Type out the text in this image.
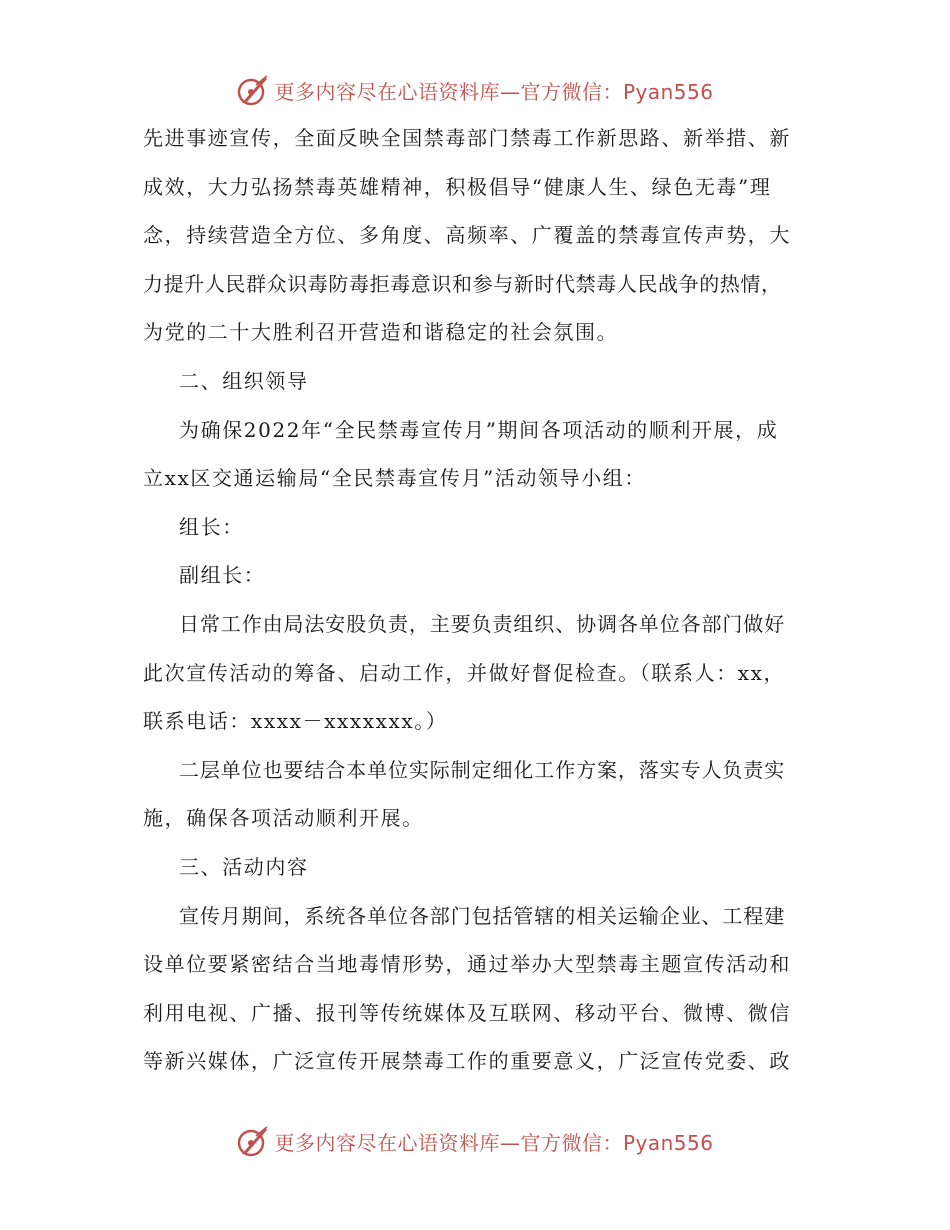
更多内容尽在心语资料库—官方微信：Pyan556

先进事迹宣传，全面反映全国禁毒部门禁毒工作新思路、新举措、新

成效，大力弘扬禁毒英雄精神，积极倡导“健康人生、绿色无毒”理

念，持续营造全方位、多角度、高频率、广覆盖的禁毒宣传声势，大

力提升人民群众识毒防毒拒毒意识和参与新时代禁毒人民战争的热情，

为党的二十大胜利召开营造和谐稳定的社会氛围。

二、组织领导

为确保2022年“全民禁毒宣传月”期间各项活动的顺利开展，成

立xx区交通运输局“全民禁毒宣传月”活动领导小组：

组长：

副组长：

日常工作由局法安股负责，主要负责组织、协调各单位各部门做好

此次宣传活动的筹备、启动工作，并做好督促检查。（联系人：xx，

联系电话：xxxx－xxxxxxx。）

二层单位也要结合本单位实际制定细化工作方案，落实专人负责实

施，确保各项活动顺利开展。

三、活动内容

宣传月期间，系统各单位各部门包括管辖的相关运输企业、工程建

设单位要紧密结合当地毒情形势，通过举办大型禁毒主题宣传活动和

利用电视、广播、报刊等传统媒体及互联网、移动平台、微博、微信

等新兴媒体，广泛宣传开展禁毒工作的重要意义，广泛宣传党委、政

更多内容尽在心语资料库—官方微信：Pyan556
